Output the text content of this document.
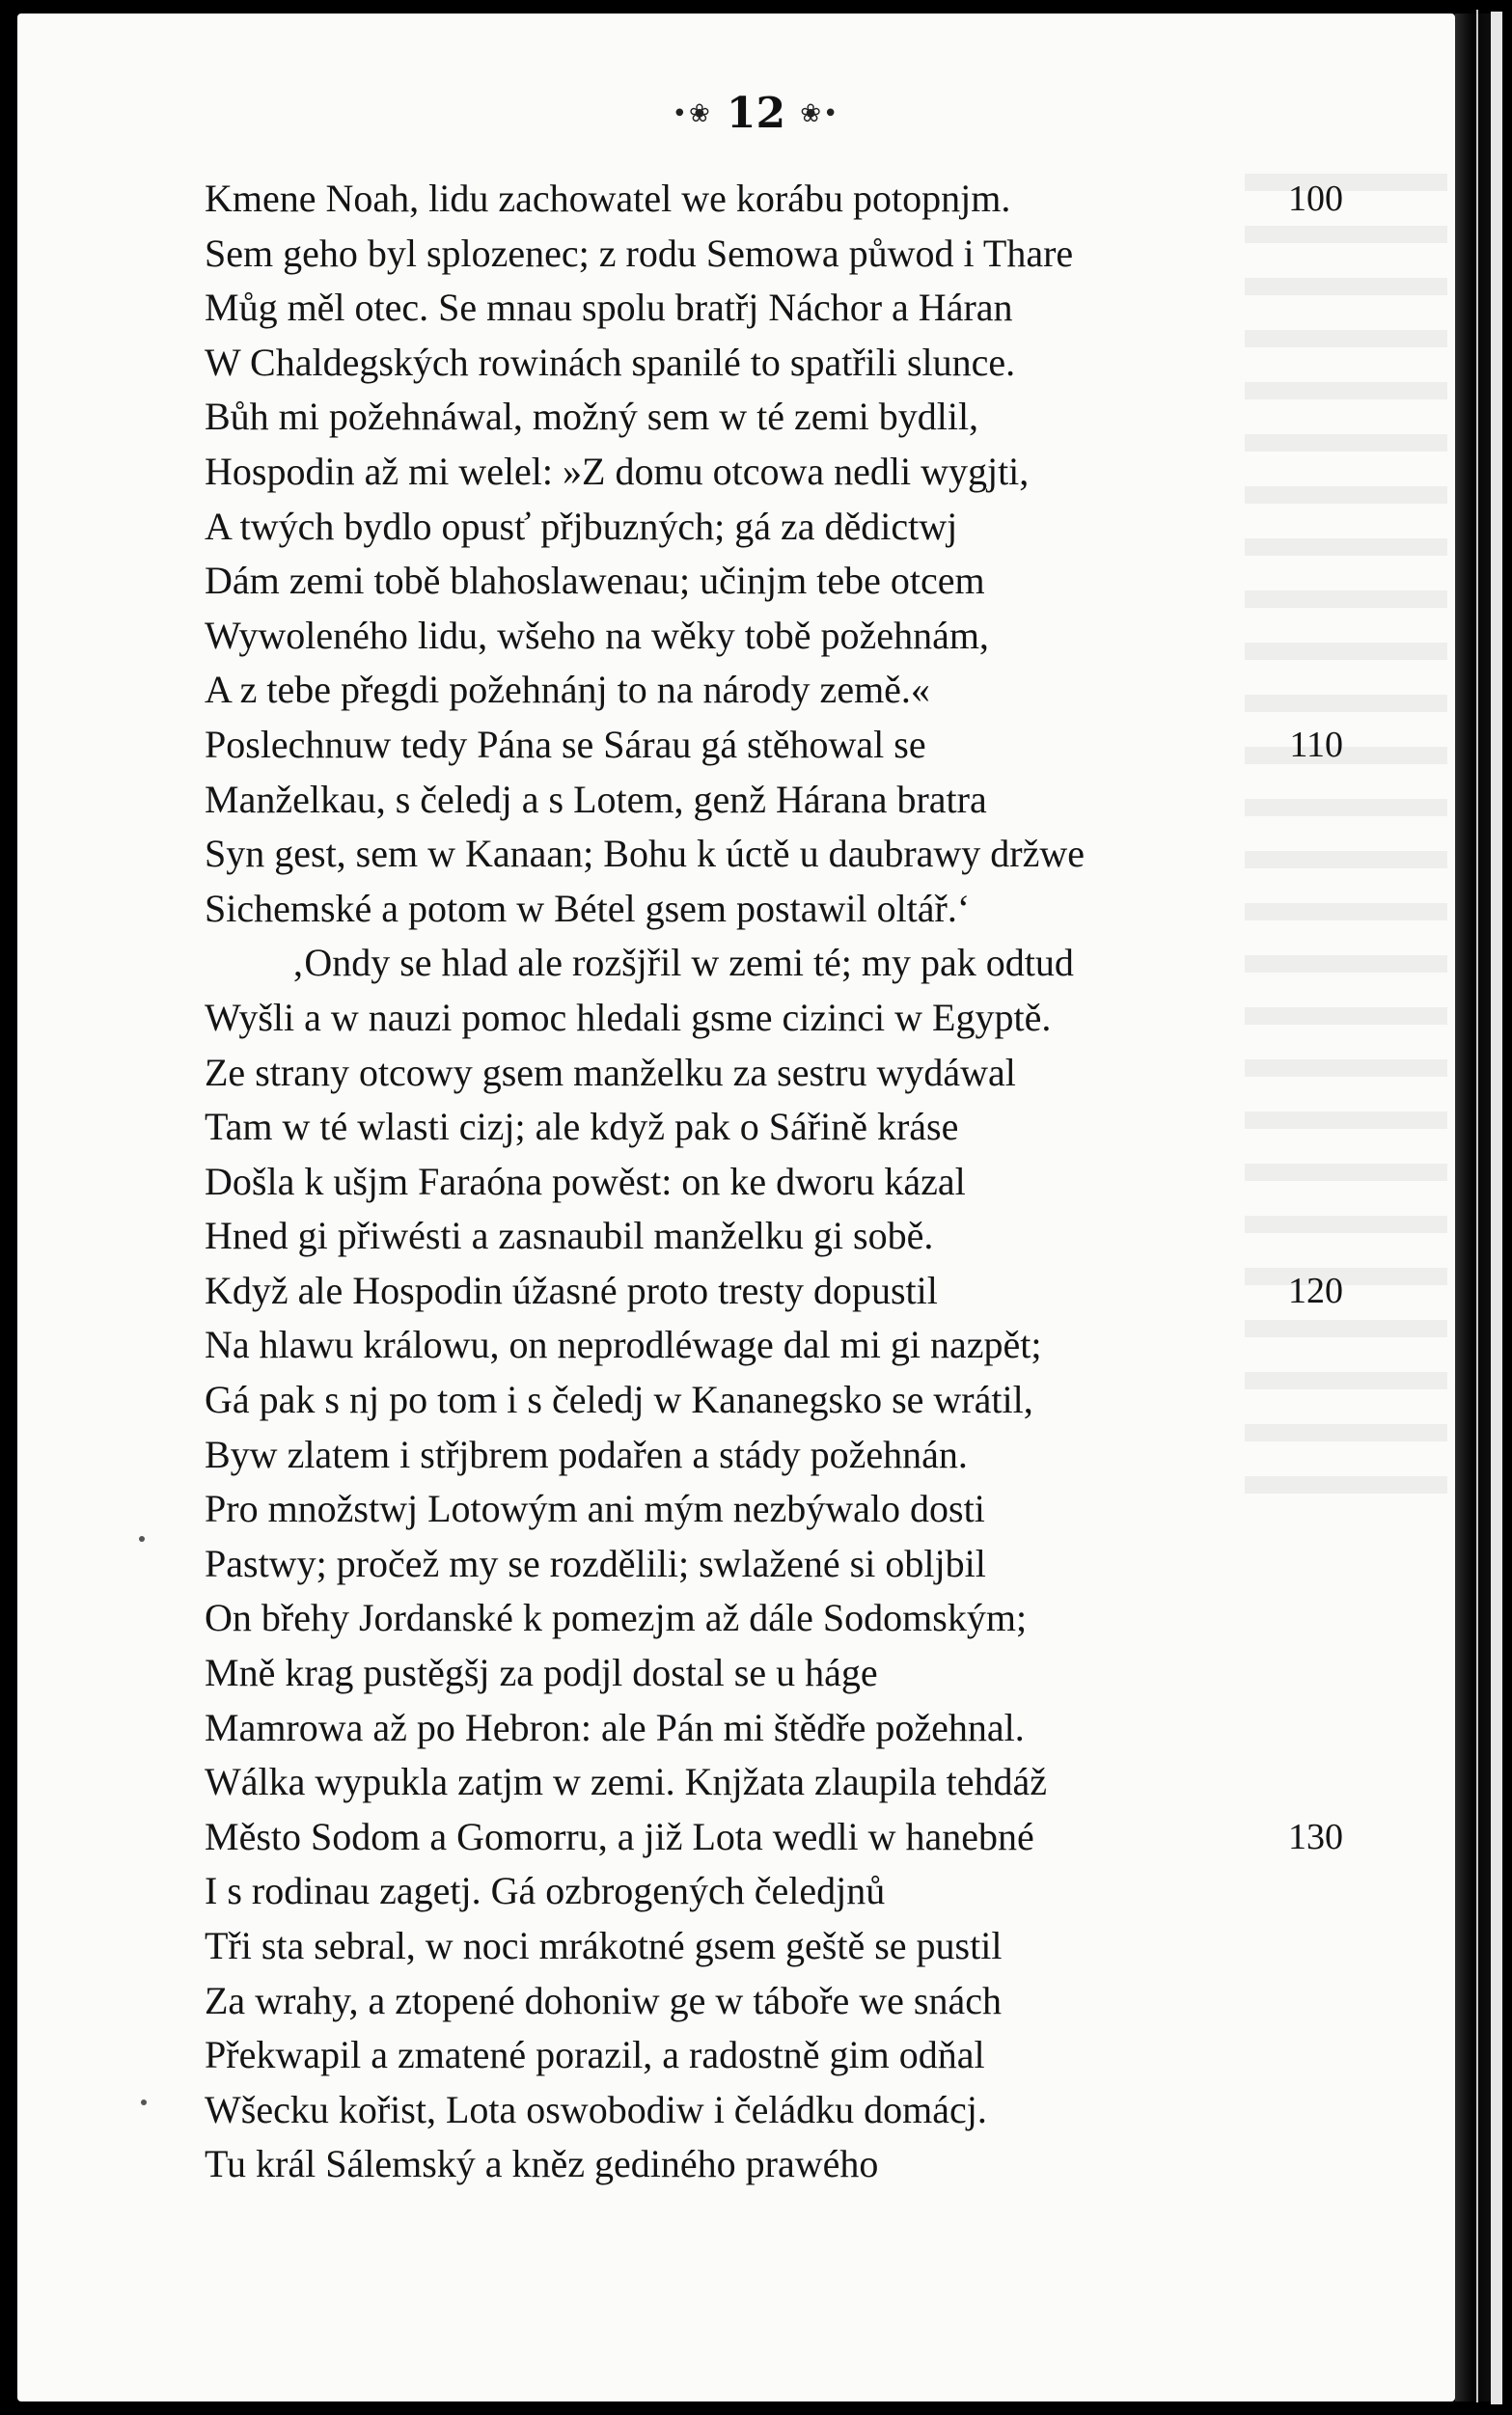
•❀ 12 ❀•
Kmene Noah, lidu zachowatel we korábu potopnjm.	100
Sem geho byl splozenec; z rodu Semowa půwod i Thare
Můg měl otec. Se mnau spolu bratřj Náchor a Háran
W Chaldegských rowinách spanilé to spatřili slunce.
Bůh mi požehnáwal, možný sem w té zemi bydlil,
Hospodin až mi welel: »Z domu otcowa nedli wygjti,
A twých bydlo opusť přjbuzných; gá za dědictwj
Dám zemi tobě blahoslawenau; učinjm tebe otcem
Wywoleného lidu, wšeho na wěky tobě požehnám,
A z tebe přegdi požehnánj to na národy země.«
Poslechnuw tedy Pána se Sárau gá stěhowal se	110
Manželkau, s čeledj a s Lotem, genž Hárana bratra
Syn gest, sem w Kanaan; Bohu k úctě u daubrawy držwe
Sichemské a potom w Bétel gsem postawil oltář.‘
‚Ondy se hlad ale rozšjřil w zemi té; my pak odtud
Wyšli a w nauzi pomoc hledali gsme cizinci w Egyptě.
Ze strany otcowy gsem manželku za sestru wydáwal
Tam w té wlasti cizj; ale když pak o Sářině kráse
Došla k ušjm Faraóna powěst: on ke dworu kázal
Hned gi přiwésti a zasnaubil manželku gi sobě.
Když ale Hospodin úžasné proto tresty dopustil	120
Na hlawu králowu, on neprodléwage dal mi gi nazpět;
Gá pak s nj po tom i s čeledj w Kananegsko se wrátil,
Byw zlatem i střjbrem podařen a stády požehnán.
Pro množstwj Lotowým ani mým nezbýwalo dosti
Pastwy; pročež my se rozdělili; swlažené si obljbil
On břehy Jordanské k pomezjm až dále Sodomským;
Mně krag pustěgšj za podjl dostal se u háge
Mamrowa až po Hebron: ale Pán mi štědře požehnal.
Wálka wypukla zatjm w zemi. Knjžata zlaupila tehdáž
Město Sodom a Gomorru, a již Lota wedli w hanebné	130
I s rodinau zagetj. Gá ozbrogených čeledjnů
Tři sta sebral, w noci mrákotné gsem geště se pustil
Za wrahy, a ztopené dohoniw ge w táboře we snách
Překwapil a zmatené porazil, a radostně gim odňal
Wšecku kořist, Lota oswobodiw i čeládku domácj.
Tu král Sálemský a kněz gediného prawého
